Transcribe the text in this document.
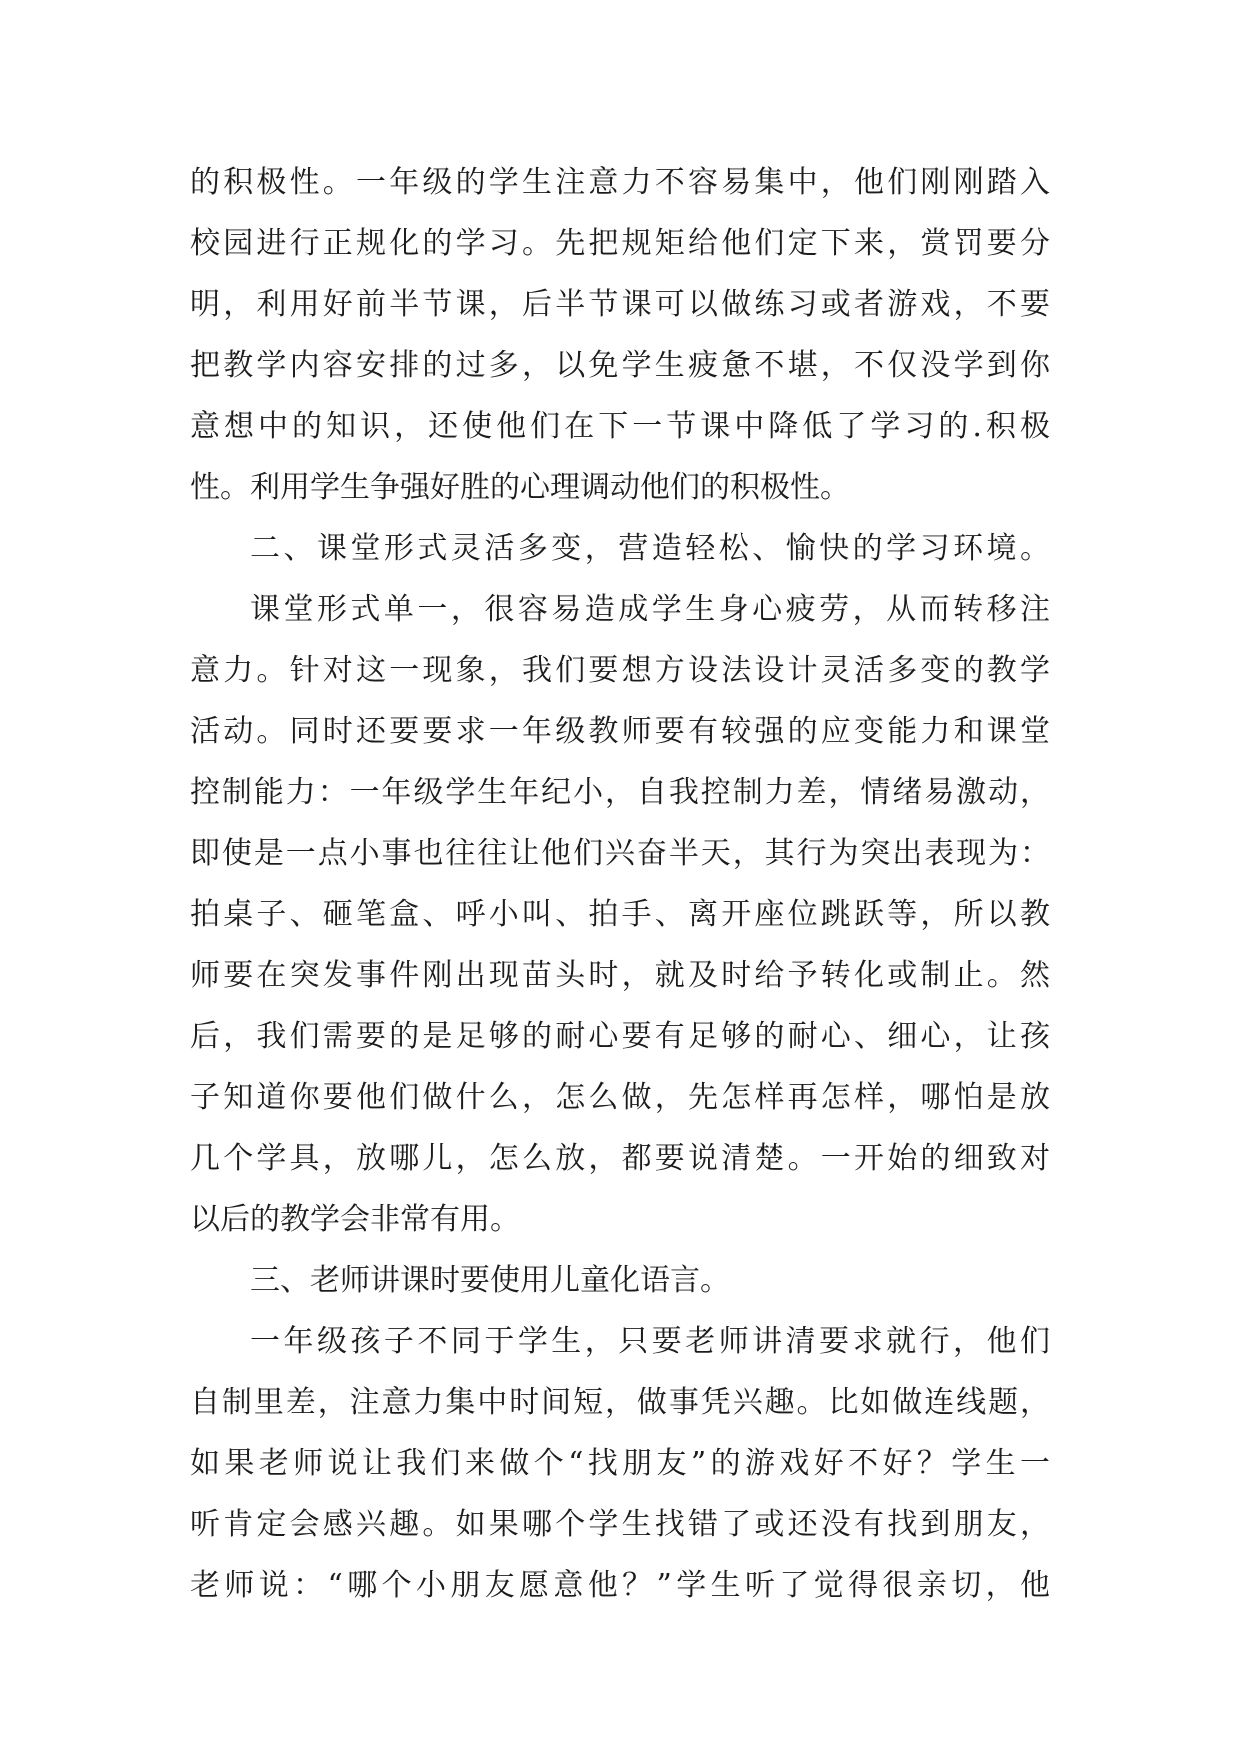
的积极性。一年级的学生注意力不容易集中，他们刚刚踏入
校园进行正规化的学习。先把规矩给他们定下来，赏罚要分
明，利用好前半节课，后半节课可以做练习或者游戏，不要
把教学内容安排的过多，以免学生疲惫不堪，不仅没学到你
意想中的知识，还使他们在下一节课中降低了学习的.积极
性。利用学生争强好胜的心理调动他们的积极性。
二、课堂形式灵活多变，营造轻松、愉快的学习环境。
课堂形式单一，很容易造成学生身心疲劳，从而转移注
意力。针对这一现象，我们要想方设法设计灵活多变的教学
活动。同时还要要求一年级教师要有较强的应变能力和课堂
控制能力：一年级学生年纪小，自我控制力差，情绪易激动，
即使是一点小事也往往让他们兴奋半天，其行为突出表现为：
拍桌子、砸笔盒、呼小叫、拍手、离开座位跳跃等，所以教
师要在突发事件刚出现苗头时，就及时给予转化或制止。然
后，我们需要的是足够的耐心要有足够的耐心、细心，让孩
子知道你要他们做什么，怎么做，先怎样再怎样，哪怕是放
几个学具，放哪儿，怎么放，都要说清楚。一开始的细致对
以后的教学会非常有用。
三、老师讲课时要使用儿童化语言。
一年级孩子不同于学生，只要老师讲清要求就行，他们
自制里差，注意力集中时间短，做事凭兴趣。比如做连线题，
如果老师说让我们来做个“找朋友”的游戏好不好？学生一
听肯定会感兴趣。如果哪个学生找错了或还没有找到朋友，
老师说：“哪个小朋友愿意他？”学生听了觉得很亲切，他
